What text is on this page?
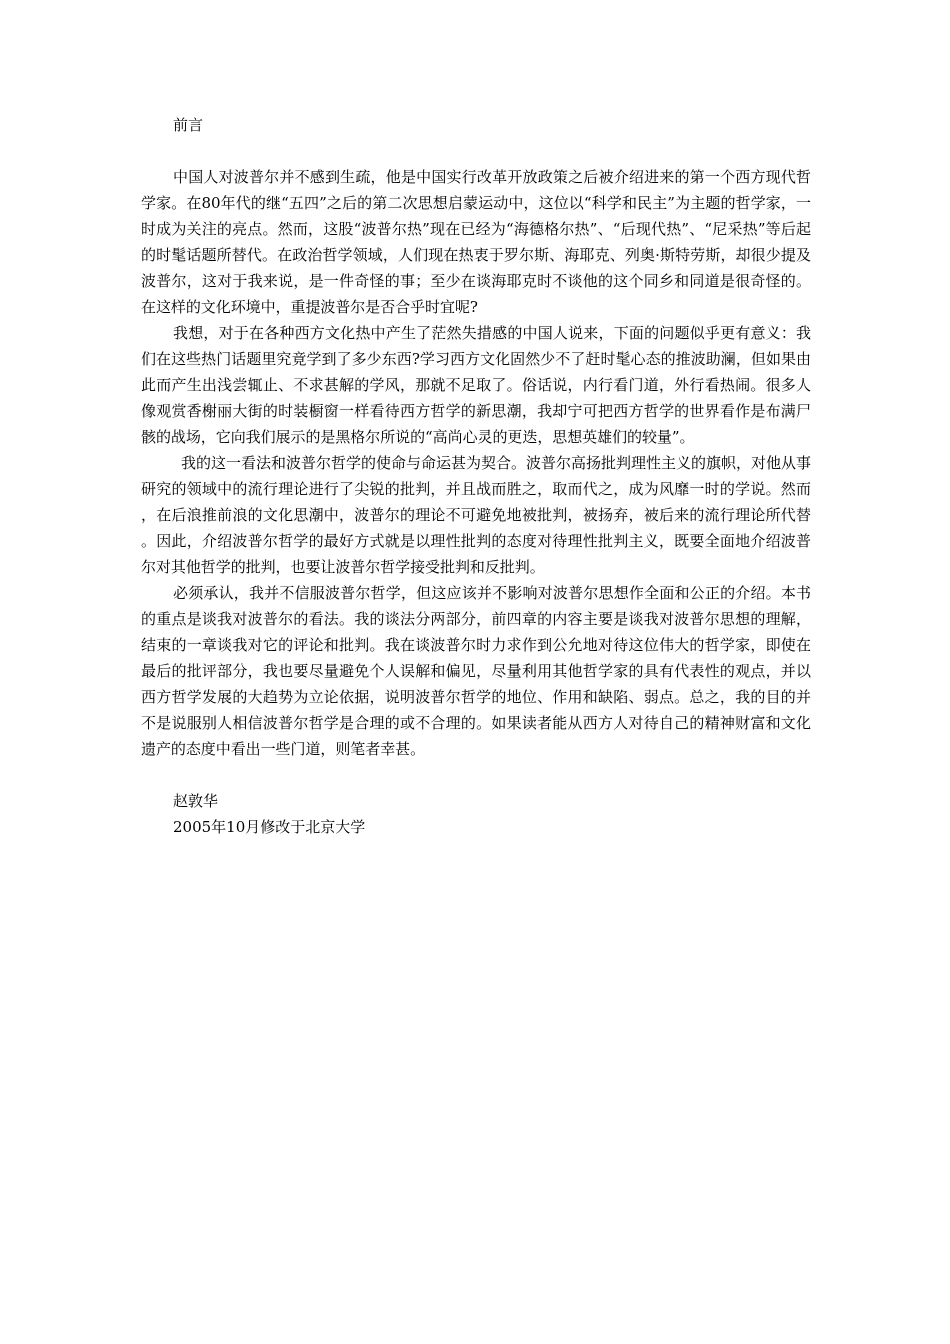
前言

中国人对波普尔并不感到生疏，他是中国实行改革开放政策之后被介绍进来的第一个西方现代哲学家。在80年代的继“五四”之后的第二次思想启蒙运动中，这位以“科学和民主”为主题的哲学家，一时成为关注的亮点。然而，这股“波普尔热”现在已经为“海德格尔热”、“后现代热”、“尼采热”等后起的时髦话题所替代。在政治哲学领域，人们现在热衷于罗尔斯、海耶克、列奥·斯特劳斯，却很少提及波普尔，这对于我来说，是一件奇怪的事；至少在谈海耶克时不谈他的这个同乡和同道是很奇怪的。在这样的文化环境中，重提波普尔是否合乎时宜呢?

我想，对于在各种西方文化热中产生了茫然失措感的中国人说来，下面的问题似乎更有意义：我们在这些热门话题里究竟学到了多少东西?学习西方文化固然少不了赶时髦心态的推波助澜，但如果由此而产生出浅尝辄止、不求甚解的学风，那就不足取了。俗话说，内行看门道，外行看热闹。很多人像观赏香榭丽大街的时装橱窗一样看待西方哲学的新思潮，我却宁可把西方哲学的世界看作是布满尸骸的战场，它向我们展示的是黑格尔所说的“高尚心灵的更迭，思想英雄们的较量”。

我的这一看法和波普尔哲学的使命与命运甚为契合。波普尔高扬批判理性主义的旗帜，对他从事研究的领域中的流行理论进行了尖锐的批判，并且战而胜之，取而代之，成为风靡一时的学说。然而，在后浪推前浪的文化思潮中，波普尔的理论不可避免地被批判，被扬弃，被后来的流行理论所代替。因此，介绍波普尔哲学的最好方式就是以理性批判的态度对待理性批判主义，既要全面地介绍波普尔对其他哲学的批判，也要让波普尔哲学接受批判和反批判。

必须承认，我并不信服波普尔哲学，但这应该并不影响对波普尔思想作全面和公正的介绍。本书的重点是谈我对波普尔的看法。我的谈法分两部分，前四章的内容主要是谈我对波普尔思想的理解，结束的一章谈我对它的评论和批判。我在谈波普尔时力求作到公允地对待这位伟大的哲学家，即使在最后的批评部分，我也要尽量避免个人误解和偏见，尽量利用其他哲学家的具有代表性的观点，并以西方哲学发展的大趋势为立论依据，说明波普尔哲学的地位、作用和缺陷、弱点。总之，我的目的并不是说服别人相信波普尔哲学是合理的或不合理的。如果读者能从西方人对待自己的精神财富和文化遗产的态度中看出一些门道，则笔者幸甚。

赵敦华

2005年10月修改于北京大学
